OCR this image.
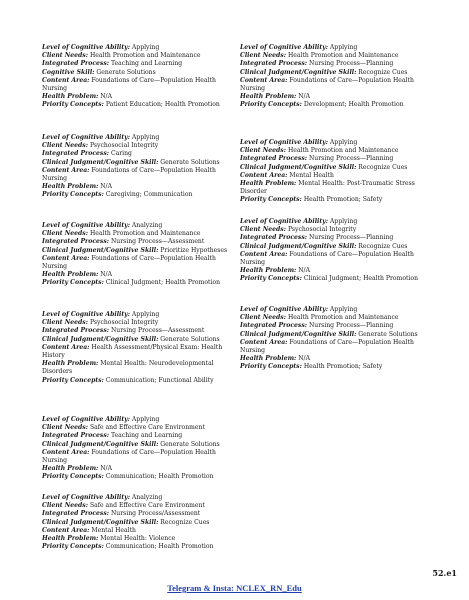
Level of Cognitive Ability: Applying

Client Needs: Health Promotion and Maintenance

Integrated Process: Teaching and Learning

Cognitive Skill: Generate Solutions

Content Area: Foundations of Care—Population Health Nursing

Health Problem: N/A

Priority Concepts: Patient Education; Health Promotion

Level of Cognitive Ability: Applying

Client Needs: Psychosocial Integrity

Integrated Process: Caring

Clinical Judgment/Cognitive Skill: Generate Solutions

Content Area: Foundations of Care—Population Health Nursing

Health Problem: N/A

Priority Concepts: Caregiving; Communication

Level of Cognitive Ability: Analyzing

Client Needs: Health Promotion and Maintenance

Integrated Process: Nursing Process—Assessment

Clinical Judgment/Cognitive Skill: Prioritize Hypotheses

Content Area: Foundations of Care—Population Health Nursing

Health Problem: N/A

Priority Concepts: Clinical Judgment; Health Promotion

Level of Cognitive Ability: Applying

Client Needs: Psychosocial Integrity

Integrated Process: Nursing Process—Assessment

Clinical Judgment/Cognitive Skill: Generate Solutions

Content Area: Health Assessment/Physical Exam: Health History

Health Problem: Mental Health: Neurodevelopmental Disorders

Priority Concepts: Communication; Functional Ability

Level of Cognitive Ability: Applying

Client Needs: Safe and Effective Care Environment

Integrated Process: Teaching and Learning

Clinical Judgment/Cognitive Skill: Generate Solutions

Content Area: Foundations of Care—Population Health Nursing

Health Problem: N/A

Priority Concepts: Communication; Health Promotion

Level of Cognitive Ability: Analyzing

Client Needs: Safe and Effective Care Environment

Integrated Process: Nursing Process/Assessment

Clinical Judgment/Cognitive Skill: Recognize Cues

Content Area: Mental Health

Health Problem: Mental Health: Violence

Priority Concepts: Communication; Health Promotion

Level of Cognitive Ability: Applying

Client Needs: Health Promotion and Maintenance

Integrated Process: Nursing Process—Planning

Clinical Judgment/Cognitive Skill: Recognize Cues

Content Area: Foundations of Care—Population Health Nursing

Health Problem: N/A

Priority Concepts: Development; Health Promotion

Level of Cognitive Ability: Applying

Client Needs: Health Promotion and Maintenance

Integrated Process: Nursing Process—Planning

Clinical Judgment/Cognitive Skill: Recognize Cues

Content Area: Mental Health

Health Problem: Mental Health: Post-Traumatic Stress Disorder

Priority Concepts: Health Promotion; Safety

Level of Cognitive Ability: Applying

Client Needs: Psychosocial Integrity

Integrated Process: Nursing Process—Planning

Clinical Judgment/Cognitive Skill: Recognize Cues

Content Area: Foundations of Care—Population Health Nursing

Health Problem: N/A

Priority Concepts: Clinical Judgment; Health Promotion

Level of Cognitive Ability: Applying

Client Needs: Health Promotion and Maintenance

Integrated Process: Nursing Process—Planning

Clinical Judgment/Cognitive Skill: Generate Solutions

Content Area: Foundations of Care—Population Health Nursing

Health Problem: N/A

Priority Concepts: Health Promotion; Safety

52.e1
Telegram & Insta: NCLEX_RN_Edu
